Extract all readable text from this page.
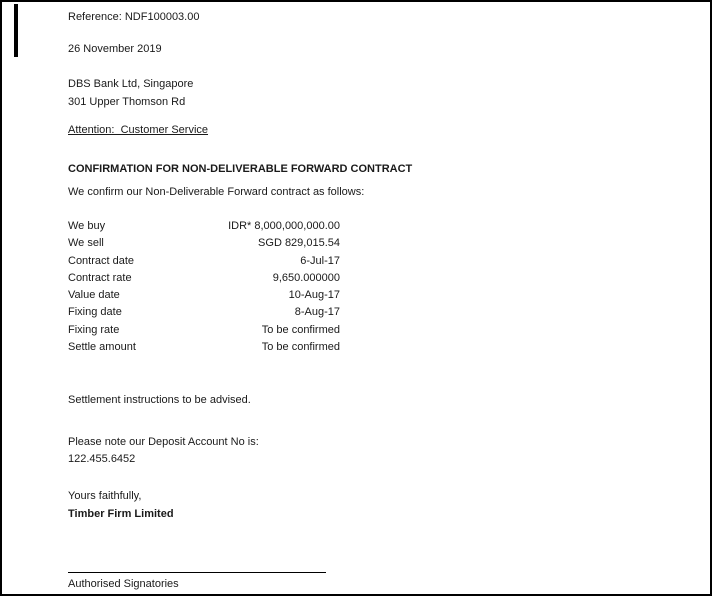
Reference: NDF100003.00
26 November 2019
DBS Bank Ltd, Singapore
301 Upper Thomson Rd
Attention:  Customer Service
CONFIRMATION FOR NON-DELIVERABLE FORWARD CONTRACT
We confirm our Non-Deliverable Forward contract as follows:
We buy	IDR* 8,000,000,000.00
We sell	SGD 829,015.54
Contract date	6-Jul-17
Contract rate	9,650.000000
Value date	10-Aug-17
Fixing date	8-Aug-17
Fixing rate	To be confirmed
Settle amount	To be confirmed
Settlement instructions to be advised.
Please note our Deposit Account No is:
122.455.6452
Yours faithfully,
Timber Firm Limited
Authorised Signatories
